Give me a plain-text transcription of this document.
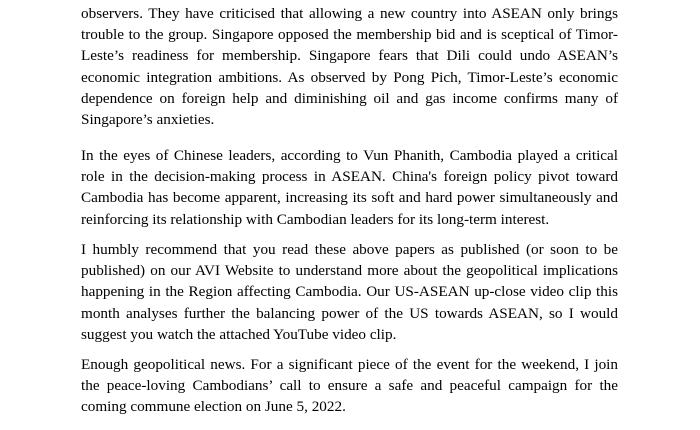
observers. They have criticised that allowing a new country into ASEAN only brings trouble to the group. Singapore opposed the membership bid and is sceptical of Timor-Leste’s readiness for membership. Singapore fears that Dili could undo ASEAN’s economic integration ambitions. As observed by Pong Pich, Timor-Leste’s economic dependence on foreign help and diminishing oil and gas income confirms many of Singapore’s anxieties.

In the eyes of Chinese leaders, according to Vun Phanith, Cambodia played a critical role in the decision-making process in ASEAN. China's foreign policy pivot toward Cambodia has become apparent, increasing its soft and hard power simultaneously and reinforcing its relationship with Cambodian leaders for its long-term interest.

I humbly recommend that you read these above papers as published (or soon to be published) on our AVI Website to understand more about the geopolitical implications happening in the Region affecting Cambodia. Our US-ASEAN up-close video clip this month analyses further the balancing power of the US towards ASEAN, so I would suggest you watch the attached YouTube video clip.

Enough geopolitical news. For a significant piece of the event for the weekend, I join the peace-loving Cambodians’ call to ensure a safe and peaceful campaign for the coming commune election on June 5, 2022.
